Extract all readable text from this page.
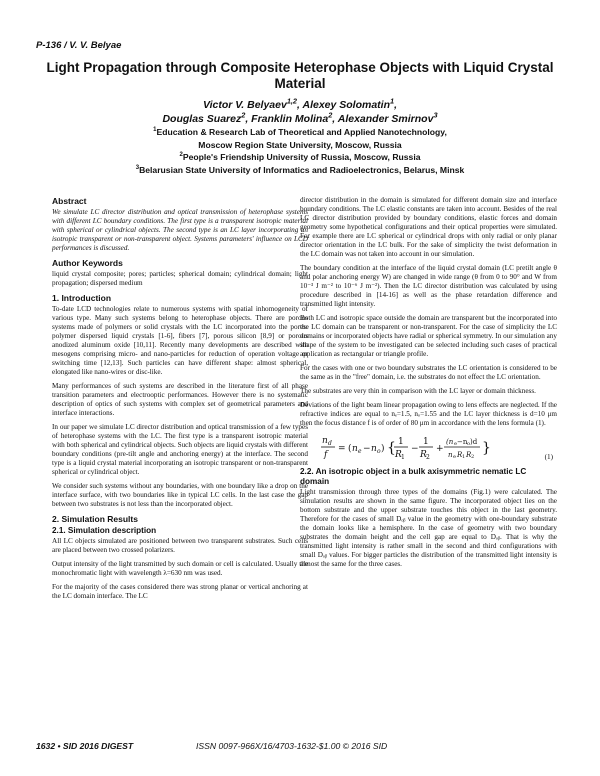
P-136 / V. V. Belyae
Light Propagation through Composite Heterophase Objects with Liquid Crystal Material
Victor V. Belyaev$^{1,2}$, Alexey Solomatin$^1$,
Douglas Suarez$^2$, Franklin Molina$^2$, Alexander Smirnov$^3$
$^1$Education & Research Lab of Theoretical and Applied Nanotechnology,
Moscow Region State University, Moscow, Russia
$^2$People's Friendship University of Russia, Moscow, Russia
$^3$Belarusian State University of Informatics and Radioelectronics, Belarus, Minsk
Abstract

We simulate LC director distribution and optical transmission of heterophase systems with different LC boundary conditions. The first type is a transparent isotropic material with spherical or cylindrical objects. The second type is an LC layer incorporating an isotropic transparent or non-transparent object. Systems parameters' influence on LCD performances is discussed.

Author Keywords

liquid crystal composite; pores; particles; spherical domain; cylindrical domain; light propagation; dispersed medium

1. Introduction

To-date LCD technologies relate to numerous systems with spatial inhomogeneity of various type. Many such systems belong to heterophase objects. There are porous systems made of polymers or solid crystals with the LC incorporated into the pores: polymer dispersed liquid crystals [1-6], fibers [7], porous silicon [8,9] or porous anodized aluminum oxide [10,11]. Recently many developments are described with mesogens comprising micro- and nano-particles for reduction of operation voltage or switching time [12,13]. Such particles can have different shape: almost spherical, elongated like nano-wires or disc-like.

Many performances of such systems are described in the literature first of all phase transition parameters and electrooptic performances. However there is no systematic description of optics of such systems with complex set of geometrical parameters and interface interactions.

In our paper we simulate LC director distribution and optical transmission of a few types of heterophase systems with the LC. The first type is a transparent isotropic material with both spherical and cylindrical objects. Such objects are liquid crystals with different boundary conditions (pre-tilt angle and anchoring energy) at the interface. The second type is a liquid crystal material incorporating an isotropic transparent or non-transparent spherical or cylindrical object.

We consider such systems without any boundaries, with one boundary like a drop on the interface surface, with two boundaries like in typical LC cells. In the last case the gap between two substrates is not less than the incorporated object.

2. Simulation Results
2.1. Simulation description

All LC objects simulated are positioned between two transparent substrates. Such cells are placed between two crossed polarizers.

Output intensity of the light transmitted by such domain or cell is calculated. Usually the monochromatic light with wavelength λ=630 nm was used.

For the majority of the cases considered there was strong planar or vertical anchoring at the LC domain interface. The LC

director distribution in the domain is simulated for different domain size and interface boundary conditions. The LC elastic constants are taken into account. Besides of the real LC director distribution provided by boundary conditions, elastic forces and domain geometry some hypothetical configurations and their optical properties were simulated. For example there are LC spherical or cylindrical drops with only radial or only planar director orientation in the LC bulk. For the sake of simplicity the twist deformation in the LC domain was not taken into account in our simulation.

The boundary condition at the interface of the liquid crystal domain (LC pretilt angle θ and polar anchoring energy W) are changed in wide range (θ from 0 to 90° and W from 10⁻³ J m⁻² to 10⁻⁶ J m⁻²). Then the LC director distribution was calculated by using procedure described in [14-16] as well as the phase retardation difference and transmitted light intensity.

Both LC and isotropic space outside the domain are transparent but the incorporated into the LC domain can be transparent or non-transparent. For the case of simplicity the LC domains or incorporated objects have radial or spherical symmetry. In our simulation any shape of the system to be investigated can be selected including such cases of practical application as rectangular or triangle profile.

For the cases with one or two boundary substrates the LC orientation is considered to be the same as in the "free" domain, i.e. the substrates do not effect the LC orientation.

The substrates are very thin in comparison with the LC layer or domain thickness.

Deviations of the light beam linear propagation owing to lens effects are neglected. If the refractive indices are equal to nₑ=1.5, nₒ=1.55 and the LC layer thickness is d=10 μm then the focus distance f is of order of 80 μm in accordance with the lens formula (1).

n d
f
= ( n e − n o ) { 1
R 1
−
1
R 2
+
(n e −n o )d
n e R 1 R 2
}
(1)
2.2. An isotropic object in a bulk axisymmetric nematic LC domain

Light transmission through three types of the domains (Fig.1) were calculated. The simulation results are shown in the same figure. The incorporated object lies on the bottom substrate and the upper substrate touches this object in the last geometry. Therefore for the cases of small Dₒᵦ value in the geometry with one-boundary substrate the domain looks like a hemisphere. In the case of geometry with two boundary substrates the domain height and the cell gap are equal to Dₒᵦ. That is why the transmitted light intensity is rather small in the second and third configurations with small Dₒᵦ values. For bigger particles the distribution of the transmitted light intensity is almost the same for the three cases.

1632 • SID 2016 DIGEST	ISSN 0097-966X/16/4703-1632-$1.00 © 2016 SID
